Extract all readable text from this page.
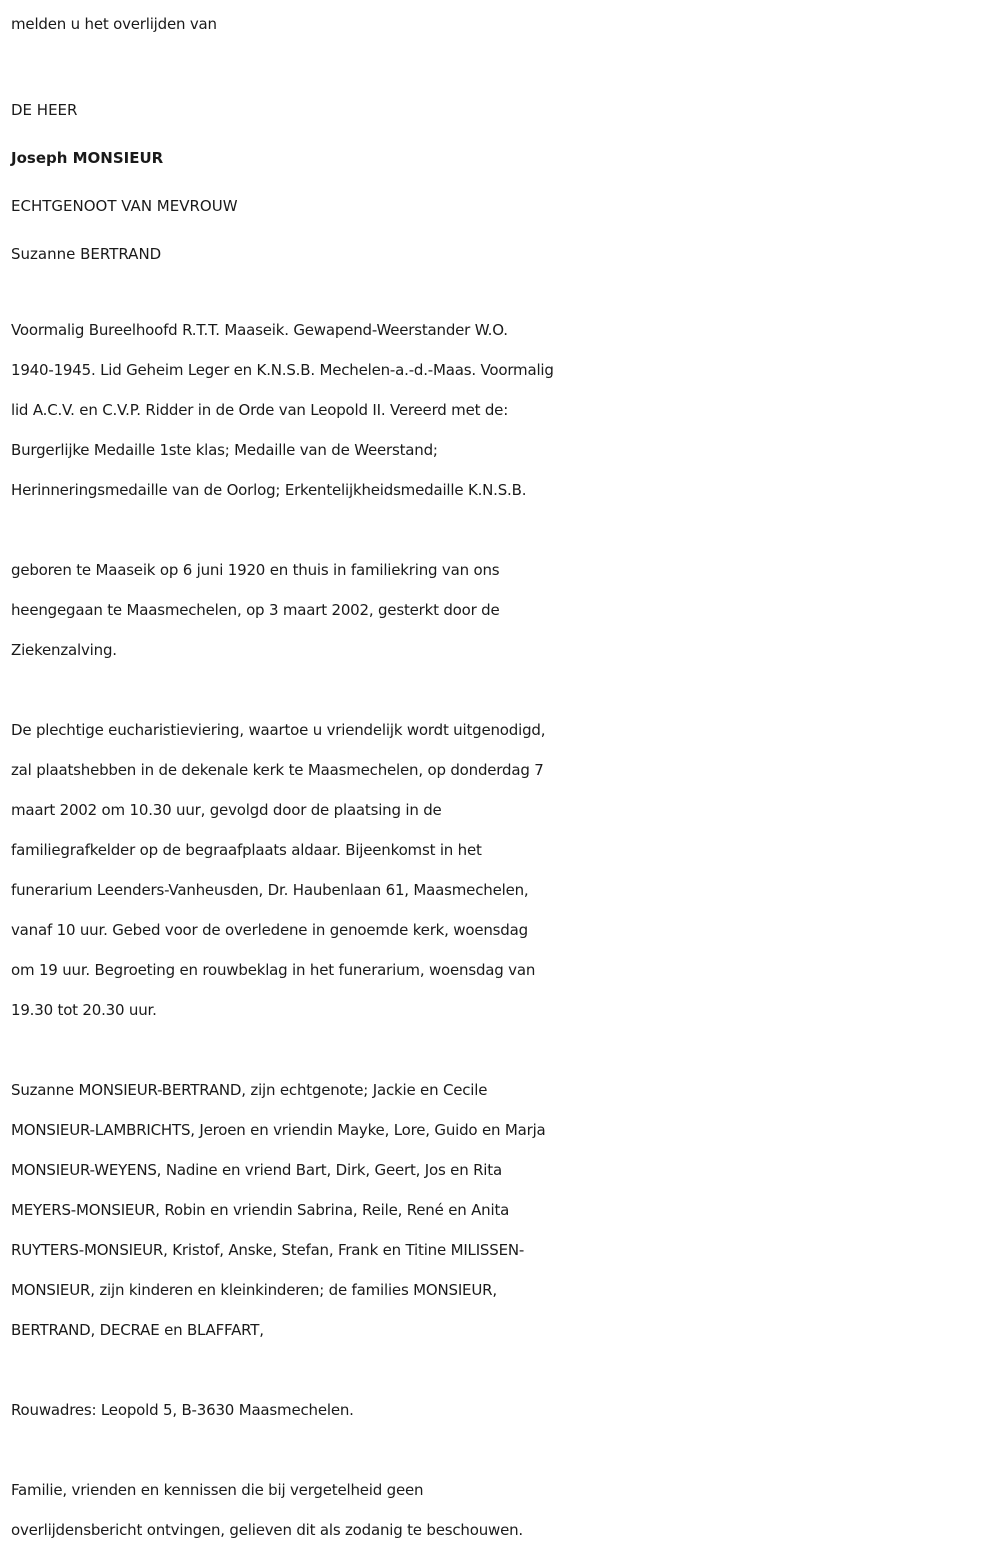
melden u het overlijden van
DE HEER
Joseph MONSIEUR
ECHTGENOOT VAN MEVROUW
Suzanne BERTRAND
Voormalig Bureelhoofd R.T.T. Maaseik. Gewapend-Weerstander W.O.
1940-1945. Lid Geheim Leger en K.N.S.B. Mechelen-a.-d.-Maas. Voormalig
lid A.C.V. en C.V.P. Ridder in de Orde van Leopold II. Vereerd met de:
Burgerlijke Medaille 1ste klas; Medaille van de Weerstand;
Herinneringsmedaille van de Oorlog; Erkentelijkheidsmedaille K.N.S.B.
geboren te Maaseik op 6 juni 1920 en thuis in familiekring van ons
heengegaan te Maasmechelen, op 3 maart 2002, gesterkt door de
Ziekenzalving.
De plechtige eucharistieviering, waartoe u vriendelijk wordt uitgenodigd,
zal plaatshebben in de dekenale kerk te Maasmechelen, op donderdag 7
maart 2002 om 10.30 uur, gevolgd door de plaatsing in de
familiegrafkelder op de begraafplaats aldaar. Bijeenkomst in het
funerarium Leenders-Vanheusden, Dr. Haubenlaan 61, Maasmechelen,
vanaf 10 uur. Gebed voor de overledene in genoemde kerk, woensdag
om 19 uur. Begroeting en rouwbeklag in het funerarium, woensdag van
19.30 tot 20.30 uur.
Suzanne MONSIEUR-BERTRAND, zijn echtgenote; Jackie en Cecile
MONSIEUR-LAMBRICHTS, Jeroen en vriendin Mayke, Lore, Guido en Marja
MONSIEUR-WEYENS, Nadine en vriend Bart, Dirk, Geert, Jos en Rita
MEYERS-MONSIEUR, Robin en vriendin Sabrina, Reile, René en Anita
RUYTERS-MONSIEUR, Kristof, Anske, Stefan, Frank en Titine MILISSEN-
MONSIEUR, zijn kinderen en kleinkinderen; de families MONSIEUR,
BERTRAND, DECRAE en BLAFFART,
Rouwadres: Leopold 5, B-3630 Maasmechelen.
Familie, vrienden en kennissen die bij vergetelheid geen
overlijdensbericht ontvingen, gelieven dit als zodanig te beschouwen.
